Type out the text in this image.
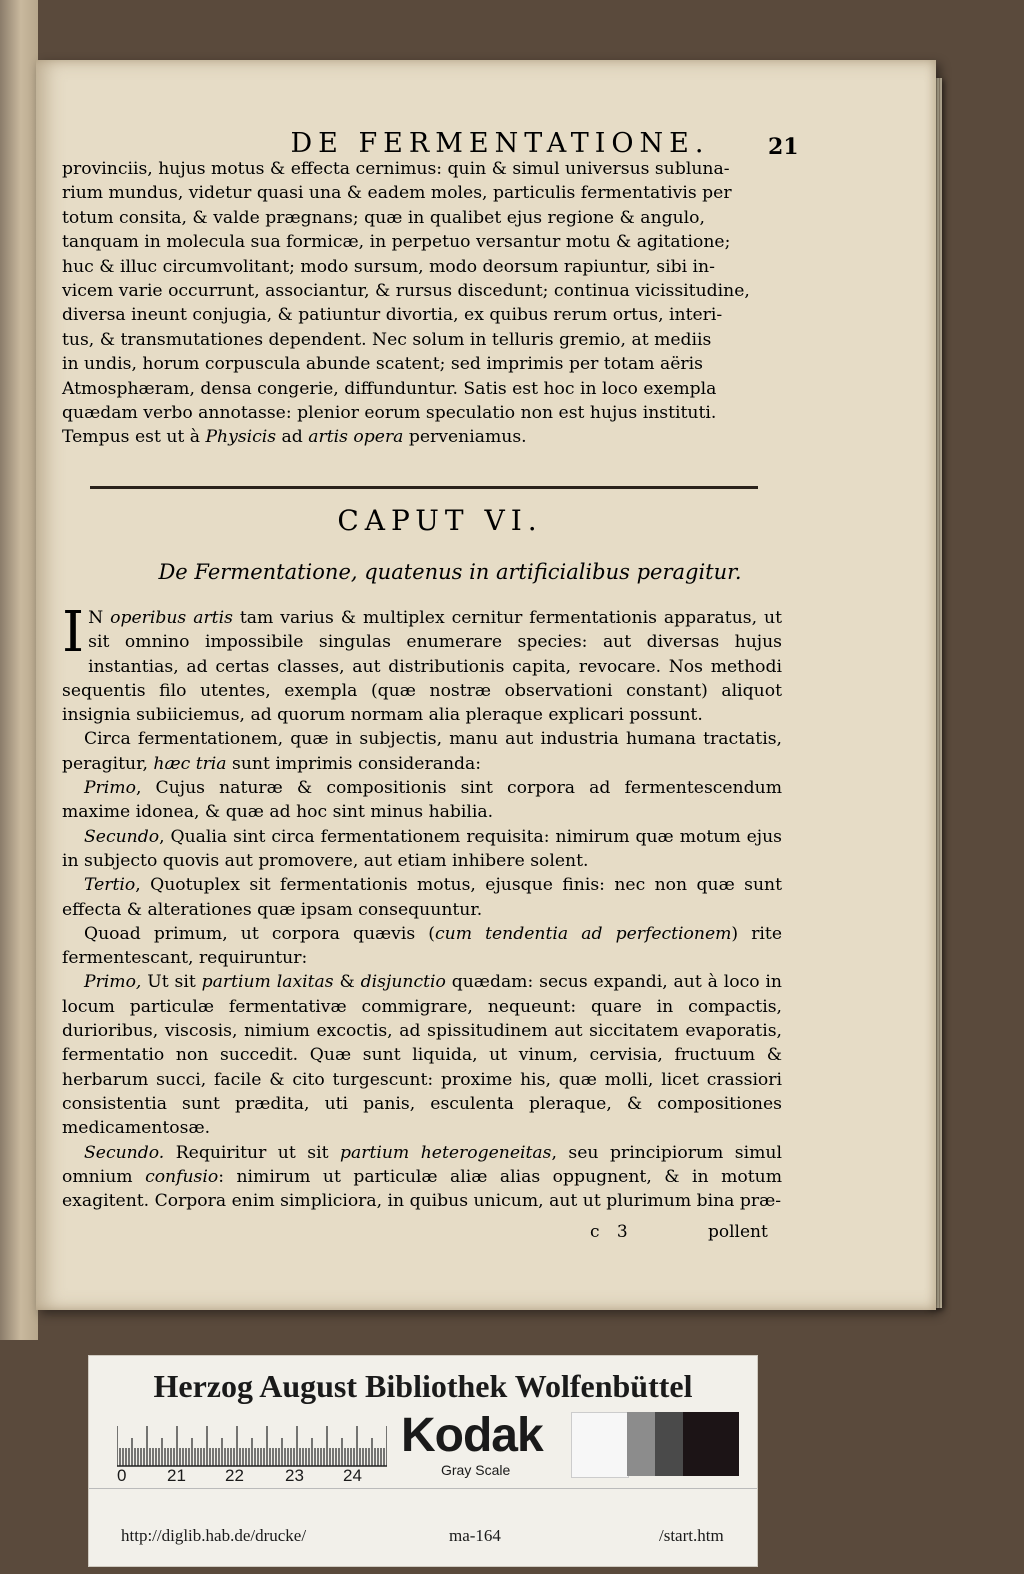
DE FERMENTATIONE.	21

provinciis, hujus motus & effecta cernimus: quin & simul universus subluna-

rium mundus, videtur quasi una & eadem moles, particulis fermentativis per

totum consita, & valde prægnans; quæ in qualibet ejus regione & angulo,

tanquam in molecula sua formicæ, in perpetuo versantur motu & agitatione;

huc & illuc circumvolitant; modo sursum, modo deorsum rapiuntur, sibi in-

vicem varie occurrunt, associantur, & rursus discedunt; continua vicissitudine,

diversa ineunt conjugia, & patiuntur divortia, ex quibus rerum ortus, interi-

tus, & transmutationes dependent. Nec solum in telluris gremio, at mediis

in undis, horum corpuscula abunde scatent; sed imprimis per totam aëris

Atmosphæram, densa congerie, diffunduntur. Satis est hoc in loco exempla

quædam verbo annotasse: plenior eorum speculatio non est hujus instituti.

Tempus est ut à Physicis ad artis opera perveniamus.

CAPUT VI.
De Fermentatione, quatenus in artificialibus peragitur.

I N operibus artis tam varius & multiplex cernitur fermentationis apparatus, ut sit omnino impossibile singulas enumerare species: aut diversas hujus instantias, ad certas classes, aut distributionis capita, revocare. Nos methodi sequentis filo utentes, exempla (quæ nostræ observationi constant) aliquot insignia subiiciemus, ad quorum normam alia pleraque explicari possunt.

Circa fermentationem, quæ in subjectis, manu aut industria humana tractatis, peragitur, hæc tria sunt imprimis consideranda:

Primo, Cujus naturæ & compositionis sint corpora ad fermentescendum maxime idonea, & quæ ad hoc sint minus habilia.

Secundo, Qualia sint circa fermentationem requisita: nimirum quæ motum ejus in subjecto quovis aut promovere, aut etiam inhibere solent.

Tertio, Quotuplex sit fermentationis motus, ejusque finis: nec non quæ sunt effecta & alterationes quæ ipsam consequuntur.

Quoad primum, ut corpora quævis (cum tendentia ad perfectionem) rite fermentescant, requiruntur:

Primo, Ut sit partium laxitas & disjunctio quædam: secus expandi, aut à loco in locum particulæ fermentativæ commigrare, nequeunt: quare in compactis, durioribus, viscosis, nimium excoctis, ad spissitudinem aut siccitatem evaporatis, fermentatio non succedit. Quæ sunt liquida, ut vinum, cervisia, fructuum & herbarum succi, facile & cito turgescunt: proxime his, quæ molli, licet crassiori consistentia sunt prædita, uti panis, esculenta pleraque, & compositiones medicamentosæ.

Secundo. Requiritur ut sit partium heterogeneitas, seu principiorum simul omnium confusio: nimirum ut particulæ aliæ alias oppugnent, & in motum exagitent. Corpora enim simpliciora, in quibus unicum, aut ut plurimum bina præ-

c 3	pollent
Herzog August Bibliothek Wolfenbüttel
0 21 22 23 24
Kodak
Gray Scale
http://diglib.hab.de/drucke/	ma-164	/start.htm
